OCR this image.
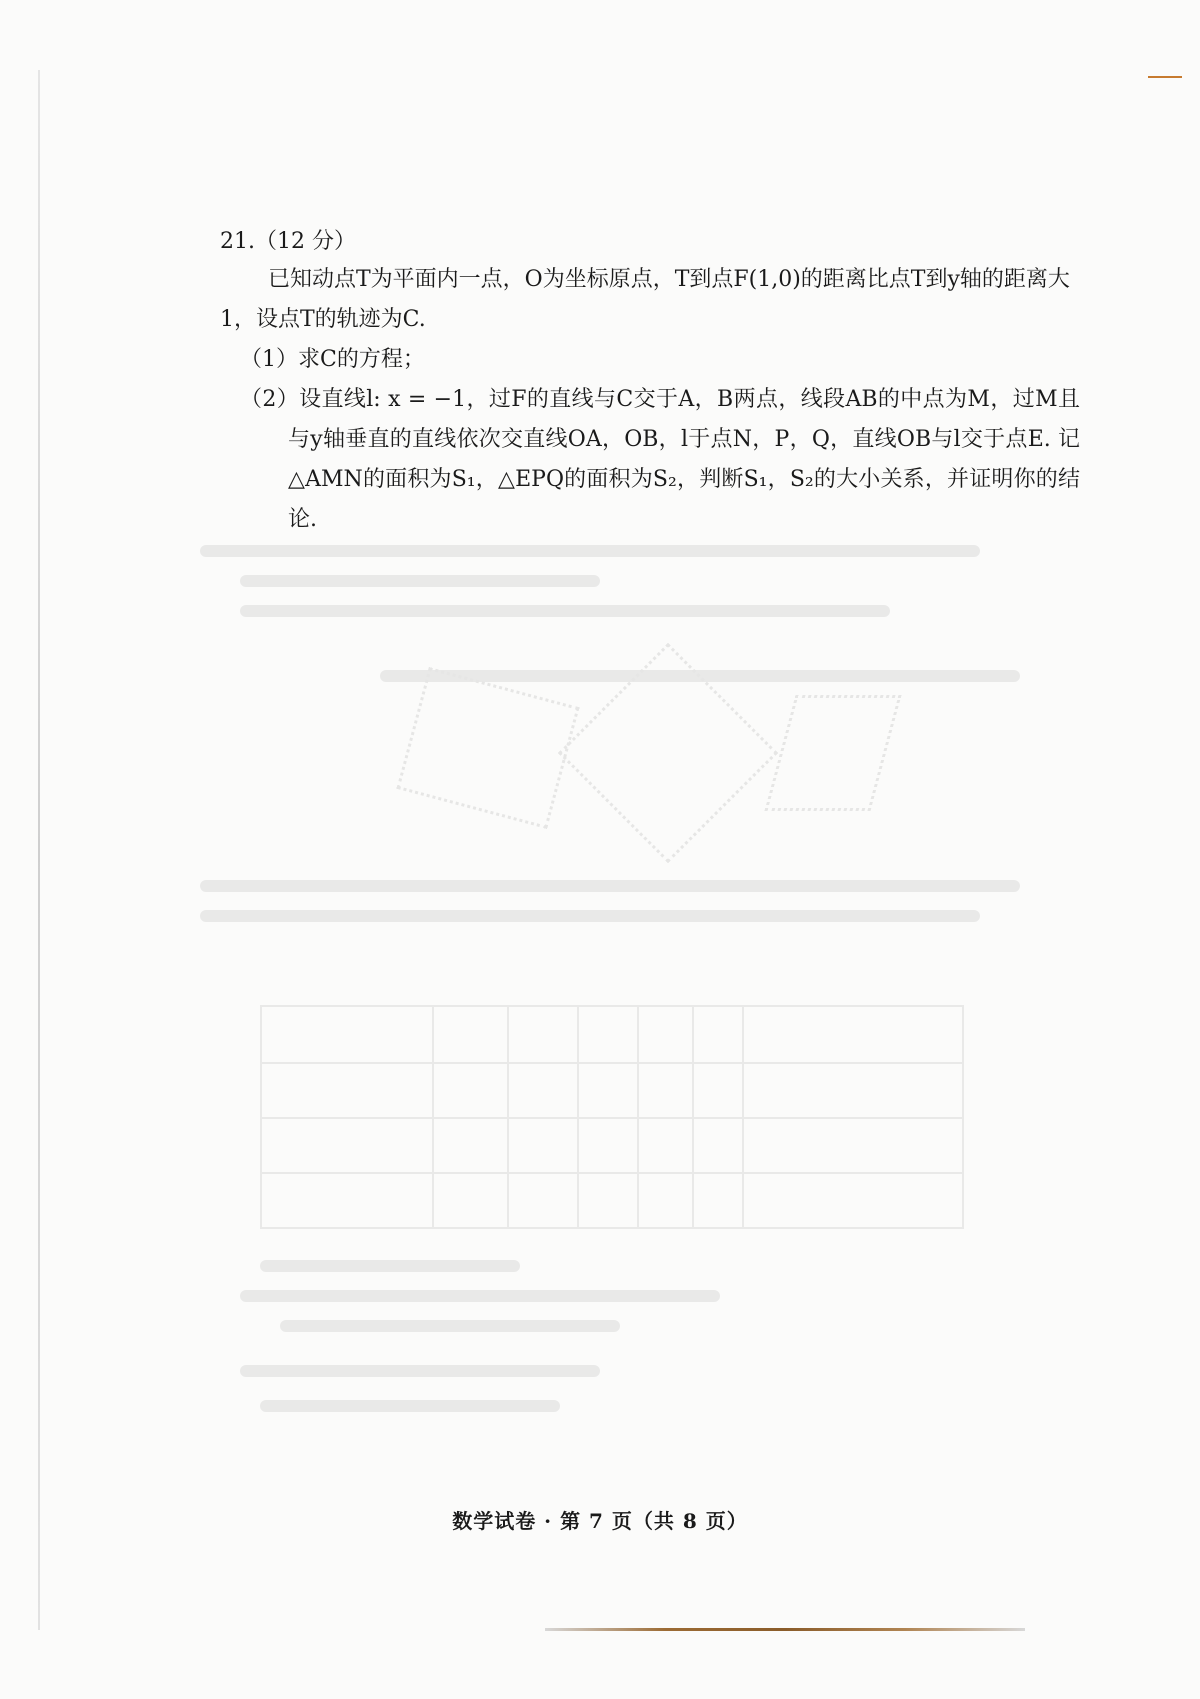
21.（12 分）

已知动点T为平面内一点，O为坐标原点，T到点F(1,0)的距离比点T到y轴的距离大

1，设点T的轨迹为C.

（1）求C的方程；

（2）设直线l: x = −1，过F的直线与C交于A，B两点，线段AB的中点为M，过M且与y轴垂直的直线依次交直线OA，OB，l于点N，P，Q，直线OB与l交于点E. 记△AMN的面积为S₁，△EPQ的面积为S₂，判断S₁，S₂的大小关系，并证明你的结论.

数学试卷 · 第 7 页（共 8 页）
